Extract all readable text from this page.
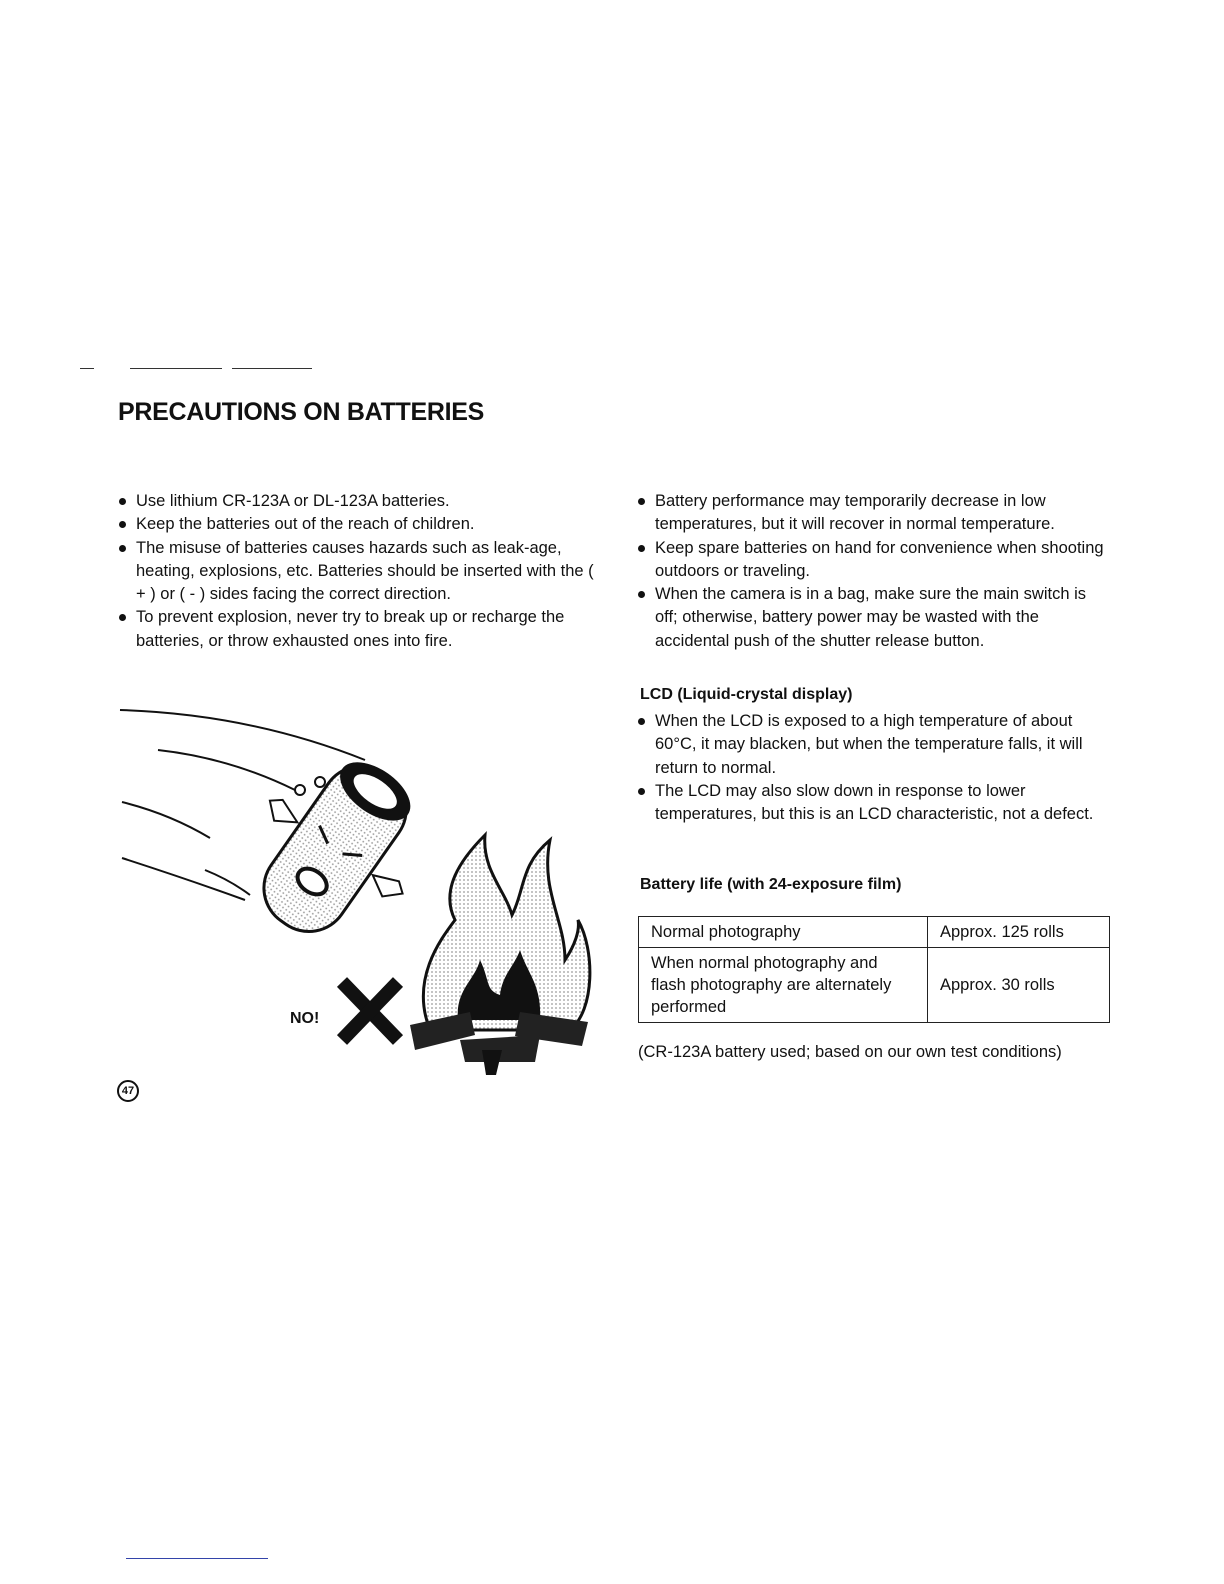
PRECAUTIONS ON BATTERIES
Use lithium CR-123A or DL-123A batteries.
Keep the batteries out of the reach of children.
The misuse of batteries causes hazards such as leak-age, heating, explosions, etc. Batteries should be inserted with the ( + ) or ( - ) sides facing the correct direction.
To prevent explosion, never try to break up or recharge the batteries, or throw exhausted ones into fire.
Battery performance may temporarily decrease in low temperatures, but it will recover in normal temperature.
Keep spare batteries on hand for convenience when shooting outdoors or traveling.
When the camera is in a bag, make sure the main switch is off; otherwise, battery power may be wasted with the accidental push of the shutter release button.
LCD (Liquid-crystal display)
When the LCD is exposed to a high temperature of about 60°C, it may blacken, but when the temperature falls, it will return to normal.
The LCD may also slow down in response to lower temperatures, but this is an LCD characteristic, not a defect.
Battery life (with 24-exposure film)
Normal photography	Approx. 125 rolls
When normal photography and flash photography are alternately performed	Approx. 30 rolls

(CR-123A battery used; based on our own test conditions)

NO!
47
